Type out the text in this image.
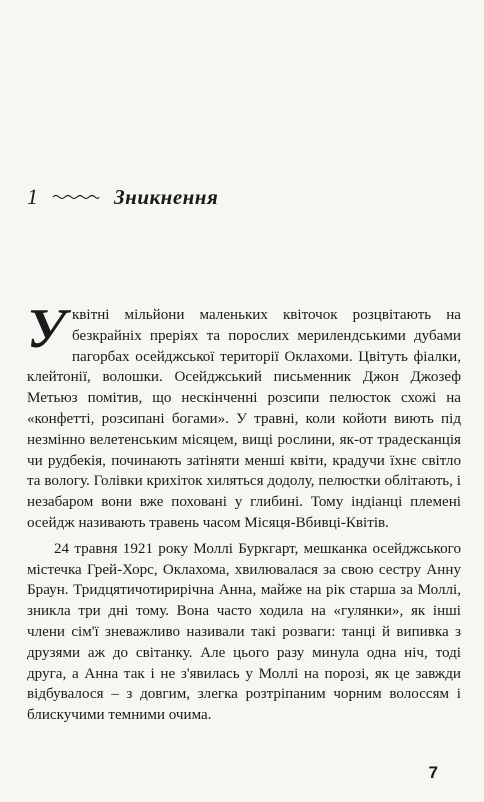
1	Зникнення

Уквітні мільйони маленьких квіточок розцвітають на безкрайніх преріях та порослих мерилендськими дубами пагорбах осейджської території Оклахоми. Цвітуть фіалки, клейтонії, волошки. Осейджський письменник Джон Джозеф Метьюз помітив, що нескінченні розсипи пелюсток схожі на «конфетті, розсипані богами». У травні, коли койоти виють під незмінно велетенським місяцем, вищі рослини, як-от традесканція чи рудбекія, починають затіняти менші квіти, крадучи їхнє світло та вологу. Голівки крихіток хиляться додолу, пелюстки облітають, і незабаром вони вже поховані у глибині. Тому індіанці племені осейдж називають травень часом Місяця-Вбивці-Квітів.

24 травня 1921 року Моллі Буркгарт, мешканка осейджського містечка Грей-Хорс, Оклахома, хвилювалася за свою сестру Анну Браун. Тридцятичотирирічна Анна, майже на рік старша за Моллі, зникла три дні тому. Вона часто ходила на «гулянки», як інші члени сім'ї зневажливо називали такі розваги: танці й випивка з друзями аж до світанку. Але цього разу минула одна ніч, тоді друга, а Анна так і не з'явилась у Моллі на порозі, як це завжди відбувалося – з довгим, злегка розтріпаним чорним волоссям і блискучими темними очима.

7
